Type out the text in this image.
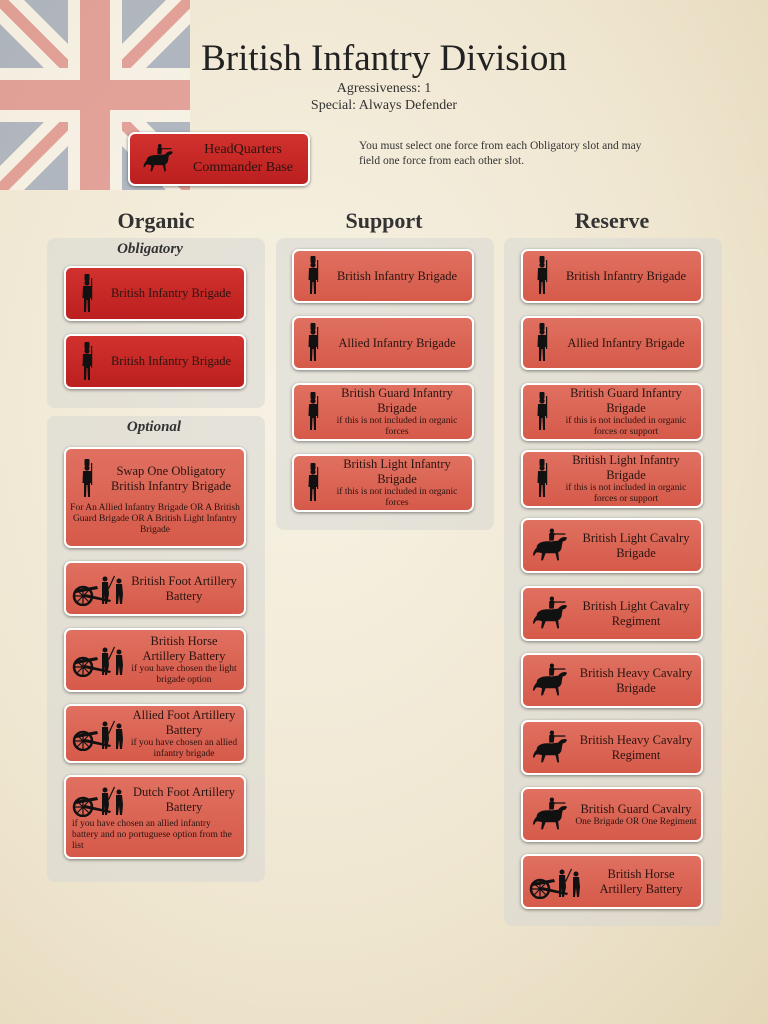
British Infantry Division
Agressiveness: 1
Special: Always Defender
HeadQuarters Commander Base
You must select one force from each Obligatory slot and may field one force from each other slot.
Organic	Support	Reserve
Obligatory
Optional
British Infantry Brigade
British Infantry Brigade
Swap One Obligatory British Infantry Brigade
For An Allied Infantry Brigade OR A British Guard Brigade OR A British Light Infantry Brigade
British Foot Artillery Battery
British Horse Artillery Battery
if you have chosen the light brigade option
Allied Foot Artillery Battery
if you have chosen an allied infantry brigade
Dutch Foot Artillery Battery
if you have chosen an allied infantry battery and no portuguese option from the list
British Infantry Brigade
Allied Infantry Brigade
British Guard Infantry Brigade
if this is not included in organic forces
British Light Infantry Brigade
if this is not included in organic forces
British Infantry Brigade
Allied Infantry Brigade
British Guard Infantry Brigade
if this is not included in organic forces or support
British Light Infantry Brigade
if this is not included in organic forces or support
British Light Cavalry Brigade
British Light Cavalry Regiment
British Heavy Cavalry Brigade
British Heavy Cavalry Regiment
British Guard Cavalry
One Brigade OR One Regiment
British Horse Artillery Battery
